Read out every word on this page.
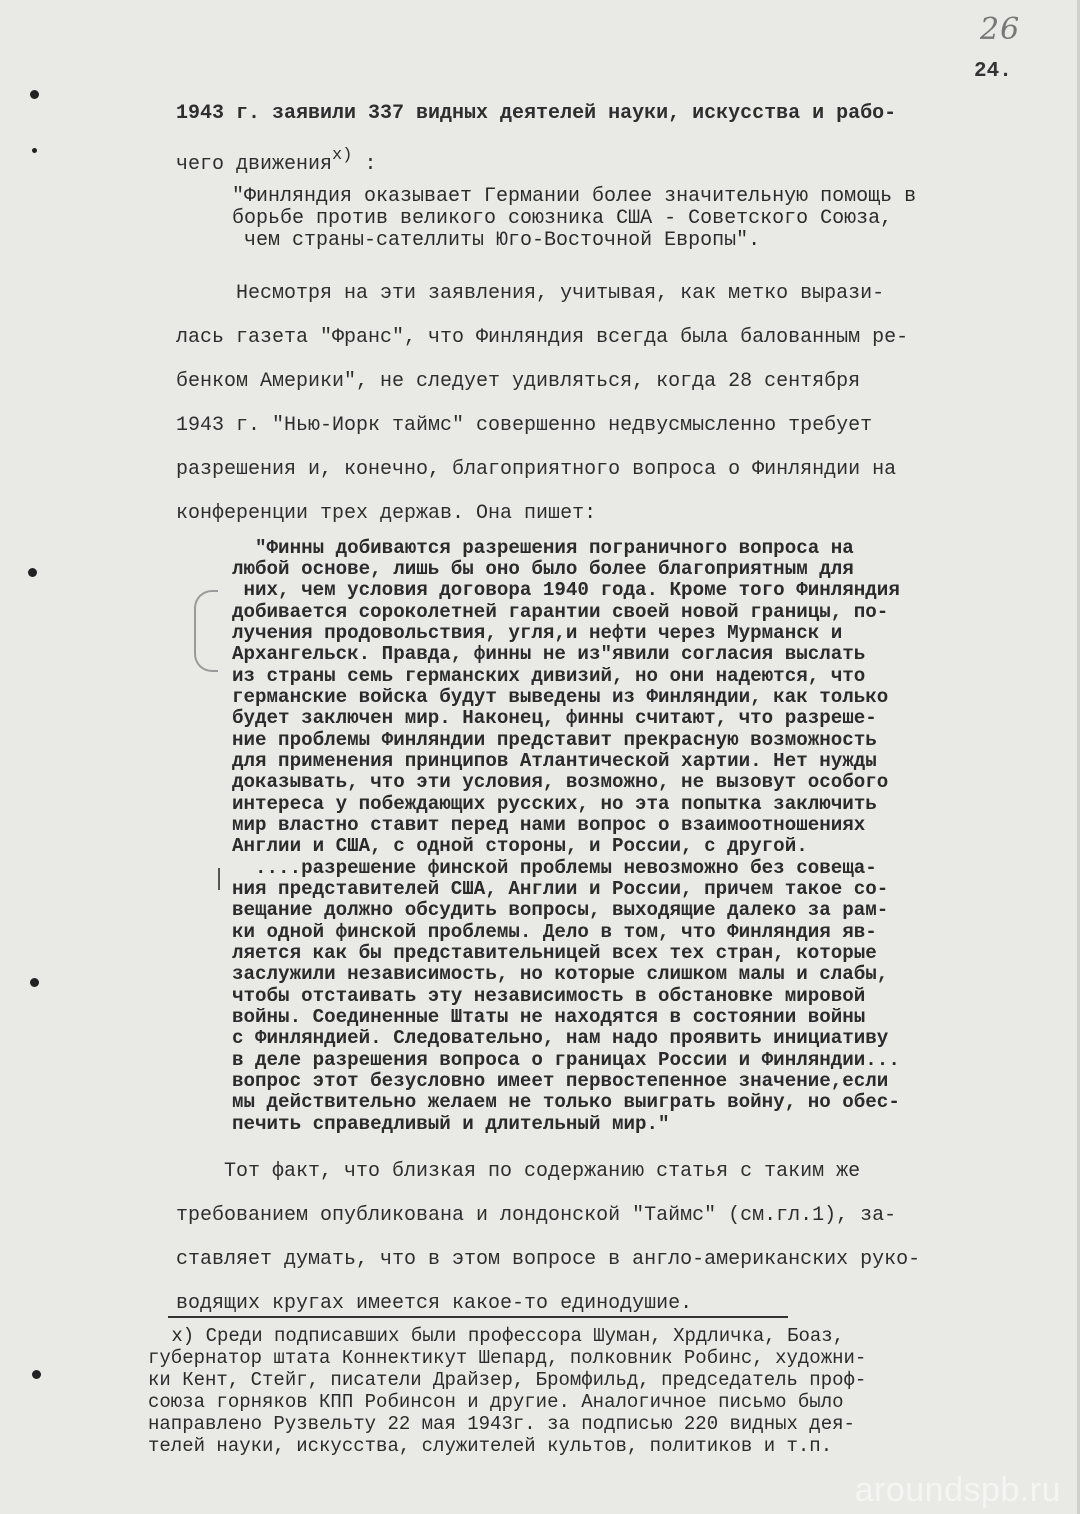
26
24.
1943 г. заявили 337 видных деятелей науки, искусства и рабо-
чего движения$^{x)}$ :
"Финляндия оказывает Германии более значительную помощь в
борьбе против великого союзника США - Советского Союза,
чем страны-сателлиты Юго-Восточной Европы".
Несмотря на эти заявления, учитывая, как метко вырази-
лась газета "Франс", что Финляндия всегда была балованным ре-
бенком Америки", не следует удивляться, когда 28 сентября
1943 г. "Нью-Иорк таймс" совершенно недвусмысленно требует
разрешения и, конечно, благоприятного вопроса о Финляндии на
конференции трех держав. Она пишет:
"Финны добиваются разрешения пограничного вопроса на
любой основе, лишь бы оно было более благоприятным для
них, чем условия договора 1940 года. Кроме того Финляндия
добивается сороколетней гарантии своей новой границы, по-
лучения продовольствия, угля,и нефти через Мурманск и
Архангельск. Правда, финны не из"явили согласия выслать
из страны семь германских дивизий, но они надеются, что
германские войска будут выведены из Финляндии, как только
будет заключен мир. Наконец, финны считают, что разреше-
ние проблемы Финляндии представит прекрасную возможность
для применения принципов Атлантической хартии. Нет нужды
доказывать, что эти условия, возможно, не вызовут особого
интереса у побеждающих русских, но эта попытка заключить
мир властно ставит перед нами вопрос о взаимоотношениях
Англии и США, с одной стороны, и России, с другой.
....разрешение финской проблемы невозможно без совеща-
ния представителей США, Англии и России, причем такое со-
вещание должно обсудить вопросы, выходящие далеко за рам-
ки одной финской проблемы. Дело в том, что Финляндия яв-
ляется как бы представительницей всех тех стран, которые
заслужили независимость, но которые слишком малы и слабы,
чтобы отстаивать эту независимость в обстановке мировой
войны. Соединенные Штаты не находятся в состоянии войны
с Финляндией. Следовательно, нам надо проявить инициативу
в деле разрешения вопроса о границах России и Финляндии...
вопрос этот безусловно имеет первостепенное значение,если
мы действительно желаем не только выиграть войну, но обес-
печить справедливый и длительный мир."
Тот факт, что близкая по содержанию статья с таким же
требованием опубликована и лондонской "Таймс" (см.гл.1), за-
ставляет думать, что в этом вопросе в англо-американских руко-
водящих кругах имеется какое-то единодушие.
x) Среди подписавших были профессора Шуман, Хрдличка, Боаз,
губернатор штата Коннектикут Шепард, полковник Робинс, художни-
ки Кент, Стейг, писатели Драйзер, Бромфильд, председатель проф-
союза горняков КПП Робинсон и другие. Аналогичное письмо было
направлено Рузвельту 22 мая 1943г. за подписью 220 видных дея-
телей науки, искусства, служителей культов, политиков и т.п.
aroundspb.ru
